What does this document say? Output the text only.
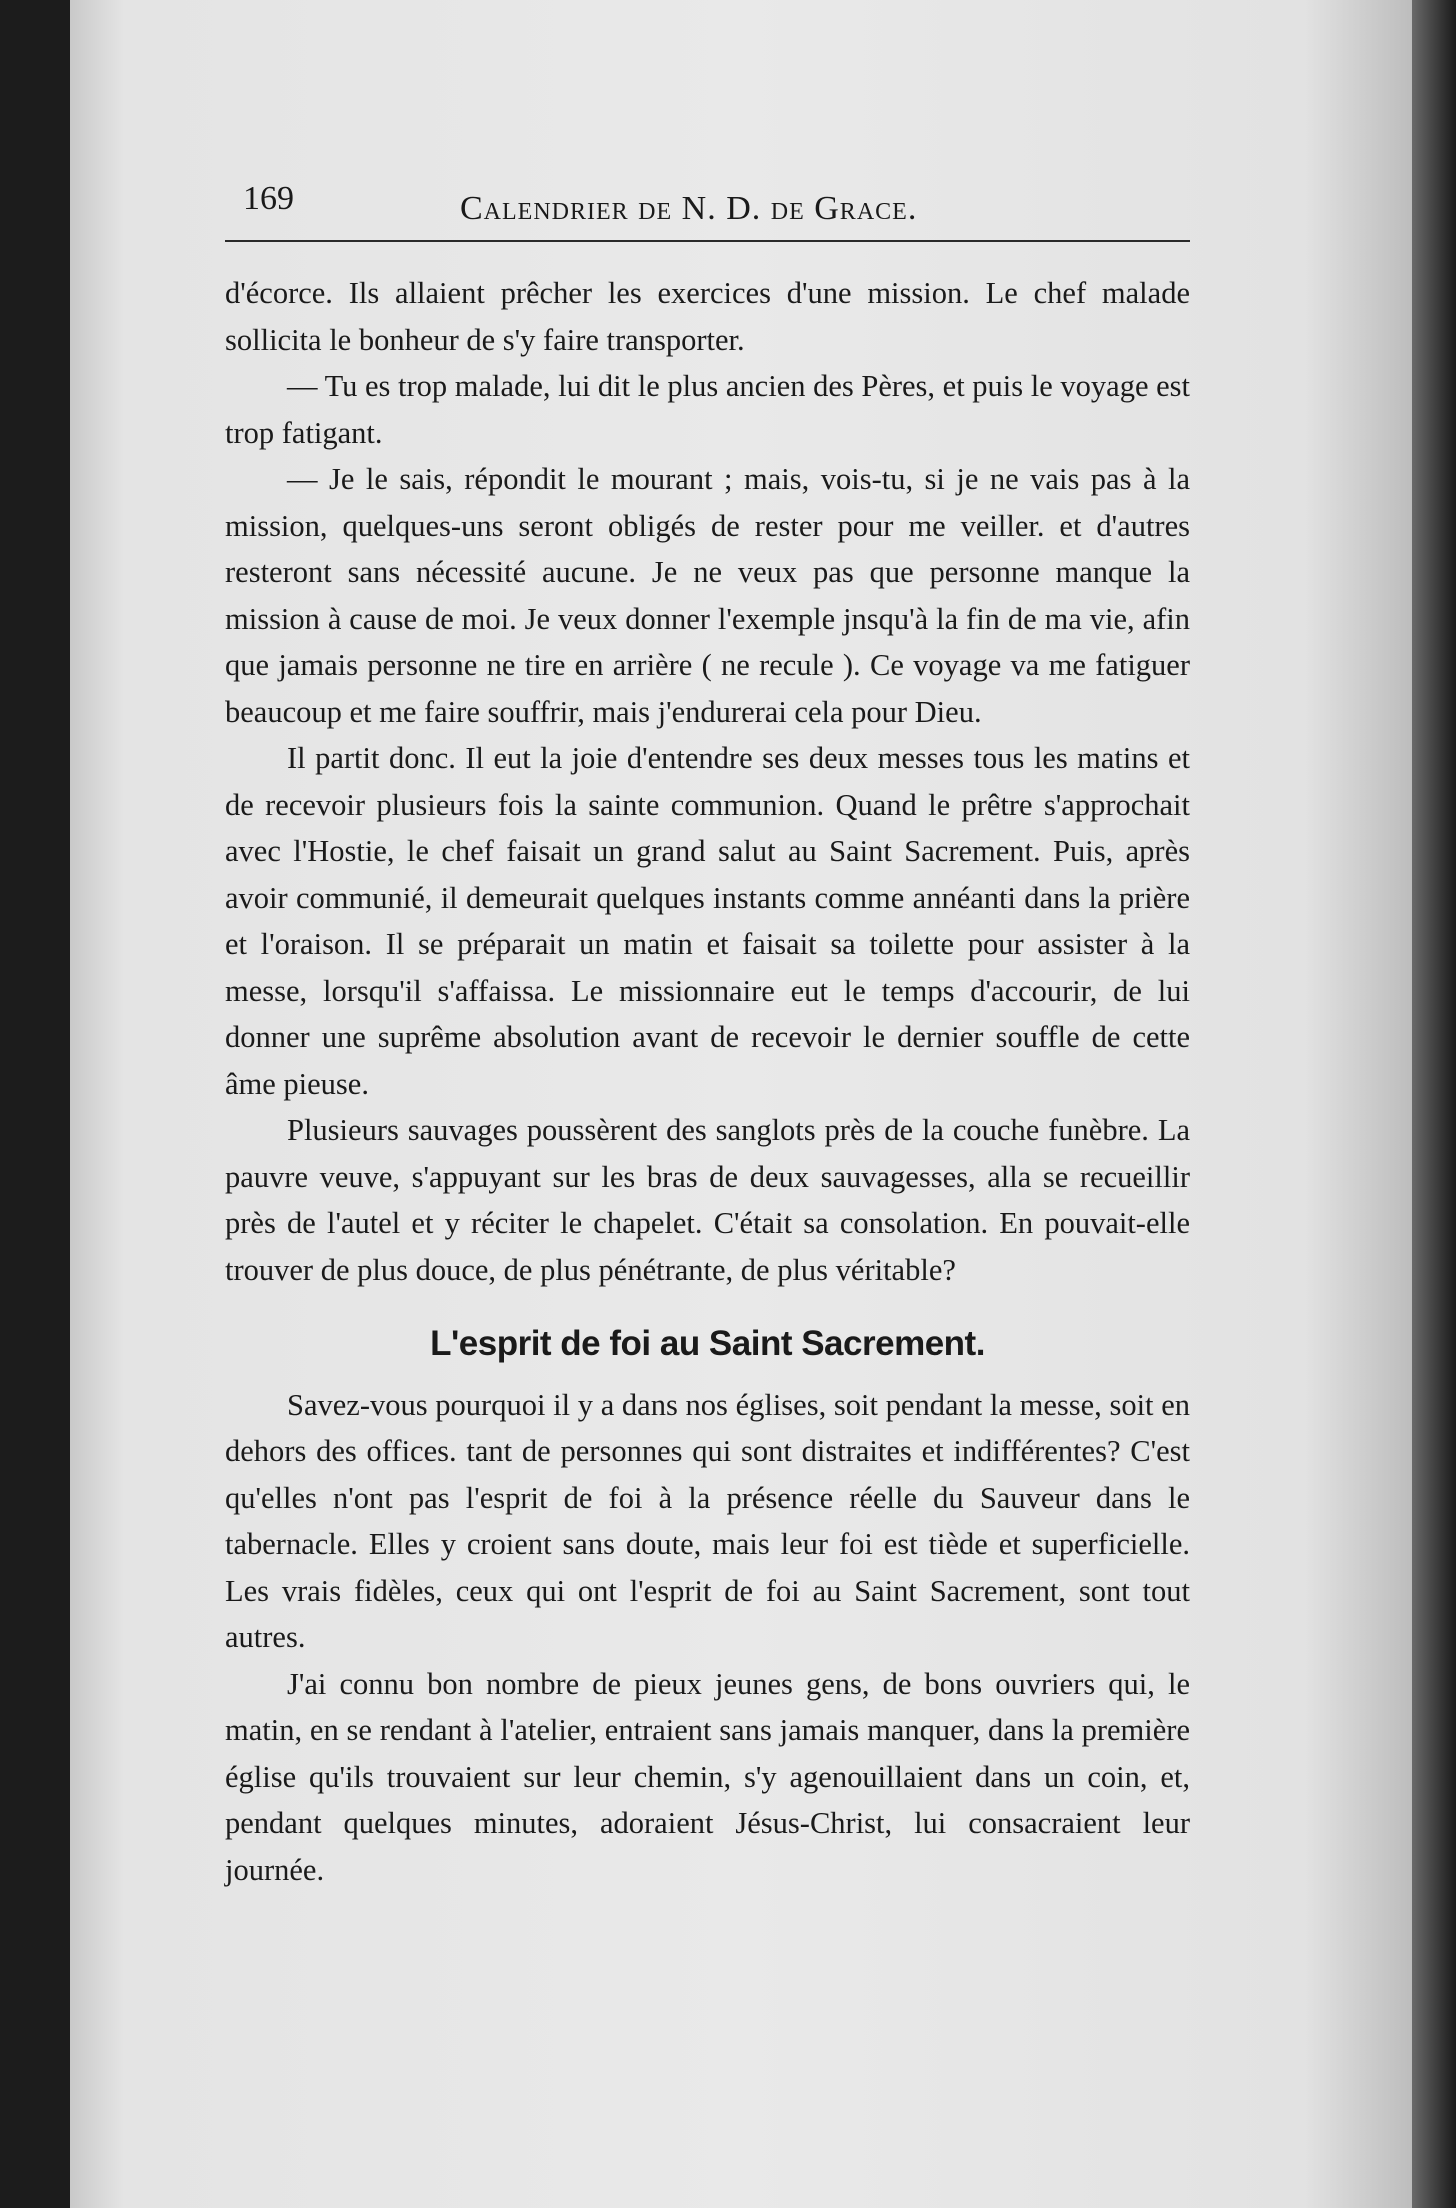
169	Calendrier de N. D. de Grace.

d'écorce. Ils allaient prêcher les exercices d'une mission. Le chef malade sollicita le bonheur de s'y faire transporter.

— Tu es trop malade, lui dit le plus ancien des Pères, et puis le voyage est trop fatigant.

— Je le sais, répondit le mourant ; mais, vois-tu, si je ne vais pas à la mission, quelques-uns seront obligés de rester pour me veiller. et d'autres resteront sans nécessité aucune. Je ne veux pas que personne manque la mission à cause de moi. Je veux donner l'exemple jnsqu'à la fin de ma vie, afin que jamais personne ne tire en arrière ( ne recule ). Ce voyage va me fatiguer beaucoup et me faire souffrir, mais j'endurerai cela pour Dieu.

Il partit donc. Il eut la joie d'entendre ses deux messes tous les matins et de recevoir plusieurs fois la sainte communion. Quand le prêtre s'approchait avec l'Hostie, le chef faisait un grand salut au Saint Sacrement. Puis, après avoir communié, il demeurait quelques instants comme annéanti dans la prière et l'oraison. Il se préparait un matin et faisait sa toilette pour assister à la messe, lorsqu'il s'affaissa. Le missionnaire eut le temps d'accourir, de lui donner une suprême absolution avant de recevoir le dernier souffle de cette âme pieuse.

Plusieurs sauvages poussèrent des sanglots près de la couche funèbre. La pauvre veuve, s'appuyant sur les bras de deux sauvagesses, alla se recueillir près de l'autel et y réciter le chapelet. C'était sa consolation. En pouvait-elle trouver de plus douce, de plus pénétrante, de plus véritable?

L'esprit de foi au Saint Sacrement.

Savez-vous pourquoi il y a dans nos églises, soit pendant la messe, soit en dehors des offices. tant de personnes qui sont distraites et indifférentes? C'est qu'elles n'ont pas l'esprit de foi à la présence réelle du Sauveur dans le tabernacle. Elles y croient sans doute, mais leur foi est tiède et superficielle. Les vrais fidèles, ceux qui ont l'esprit de foi au Saint Sacrement, sont tout autres.

J'ai connu bon nombre de pieux jeunes gens, de bons ouvriers qui, le matin, en se rendant à l'atelier, entraient sans jamais manquer, dans la première église qu'ils trouvaient sur leur chemin, s'y agenouillaient dans un coin, et, pendant quelques minutes, adoraient Jésus-Christ, lui consacraient leur journée.
